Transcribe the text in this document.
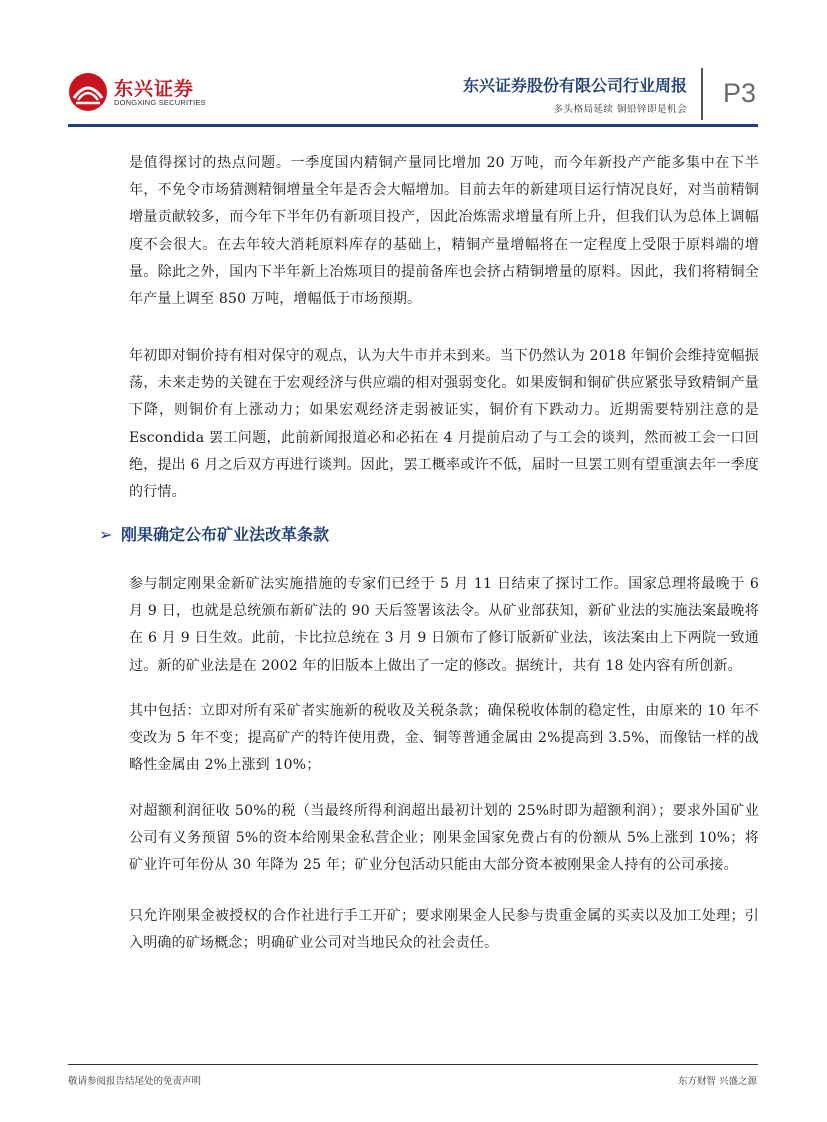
东兴证券
DONGXING SECURITIES
东兴证券股份有限公司行业周报
多头格局延续 铜铅锌即是机会
P3

是值得探讨的热点问题。一季度国内精铜产量同比增加 20 万吨，而今年新投产产能多集中在下半年，不免令市场猜测精铜增量全年是否会大幅增加。目前去年的新建项目运行情况良好，对当前精铜增量贡献较多，而今年下半年仍有新项目投产，因此冶炼需求增量有所上升，但我们认为总体上调幅度不会很大。在去年较大消耗原料库存的基础上，精铜产量增幅将在一定程度上受限于原料端的增量。除此之外，国内下半年新上冶炼项目的提前备库也会挤占精铜增量的原料。因此，我们将精铜全年产量上调至 850 万吨，增幅低于市场预期。

年初即对铜价持有相对保守的观点，认为大牛市并未到来。当下仍然认为 2018 年铜价会维持宽幅振荡，未来走势的关键在于宏观经济与供应端的相对强弱变化。如果废铜和铜矿供应紧张导致精铜产量下降，则铜价有上涨动力；如果宏观经济走弱被证实，铜价有下跌动力。近期需要特别注意的是 Escondida 罢工问题，此前新闻报道必和必拓在 4 月提前启动了与工会的谈判，然而被工会一口回绝，提出 6 月之后双方再进行谈判。因此，罢工概率或许不低，届时一旦罢工则有望重演去年一季度的行情。

➢ 刚果确定公布矿业法改革条款

参与制定刚果金新矿法实施措施的专家们已经于 5 月 11 日结束了探讨工作。国家总理将最晚于 6 月 9 日，也就是总统颁布新矿法的 90 天后签署该法令。从矿业部获知，新矿业法的实施法案最晚将在 6 月 9 日生效。此前，卡比拉总统在 3 月 9 日颁布了修订版新矿业法，该法案由上下两院一致通过。新的矿业法是在 2002 年的旧版本上做出了一定的修改。据统计，共有 18 处内容有所创新。

其中包括：立即对所有采矿者实施新的税收及关税条款；确保税收体制的稳定性，由原来的 10 年不变改为 5 年不变；提高矿产的特许使用费，金、铜等普通金属由 2%提高到 3.5%，而像钴一样的战略性金属由 2%上涨到 10%；

对超额利润征收 50%的税（当最终所得利润超出最初计划的 25%时即为超额利润）；要求外国矿业公司有义务预留 5%的资本给刚果金私营企业；刚果金国家免费占有的份额从 5%上涨到 10%；将矿业许可年份从 30 年降为 25 年；矿业分包活动只能由大部分资本被刚果金人持有的公司承接。

只允许刚果金被授权的合作社进行手工开矿；要求刚果金人民参与贵重金属的买卖以及加工处理；引入明确的矿场概念；明确矿业公司对当地民众的社会责任。

敬请参阅报告结尾处的免责声明	东方财智 兴盛之源
